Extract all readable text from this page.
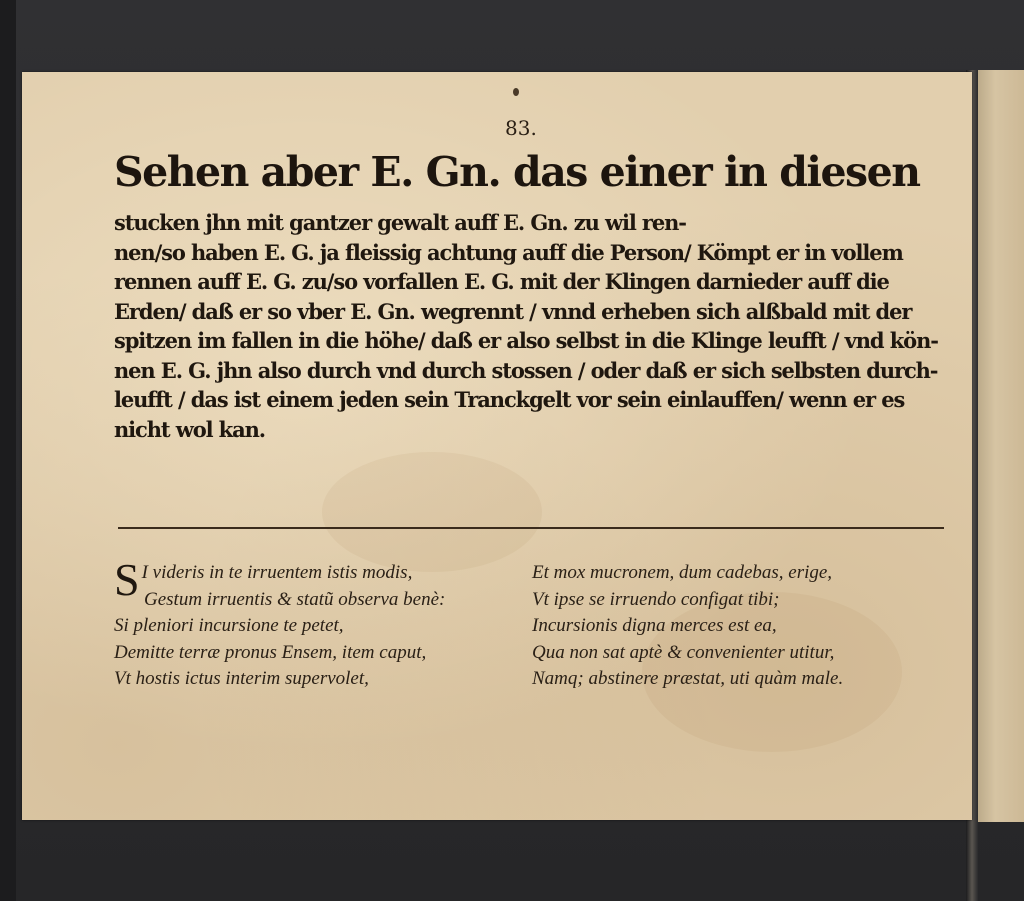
83.
Sehen aber E. Gn. das einer in diesen
stucken jhn mit gantzer gewalt auff E. Gn. zu wil ren-
nen/so haben E. G. ja fleissig achtung auff die Person/ Kömpt er in vollem
rennen auff E. G. zu/so vorfallen E. G. mit der Klingen darnieder auff die
Erden/ daß er so vber E. Gn. wegrennt / vnnd erheben sich alßbald mit der
spitzen im fallen in die höhe/ daß er also selbst in die Klinge leufft / vnd kön-
nen E. G. jhn also durch vnd durch stossen / oder daß er sich selbsten durch-
leufft / das ist einem jeden sein Tranckgelt vor sein einlauffen/ wenn er es
nicht wol kan.
S I videris in te irruentem istis modis,
Gestum irruentis & statũ observa benè:
Si pleniori incursione te petet,
Demitte terræ pronus Ensem, item caput,
Vt hostis ictus interim supervolet,
Et mox mucronem, dum cadebas, erige,
Vt ipse se irruendo configat tibi;
Incursionis digna merces est ea,
Qua non sat aptè & convenienter utitur,
Namq; abstinere præstat, uti quàm male.
